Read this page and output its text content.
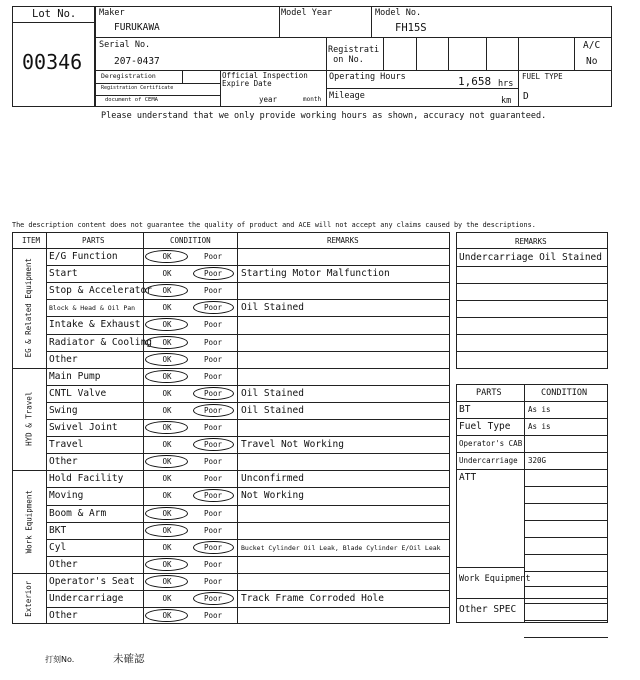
Lot No.
00346
Maker
FURUKAWA
Model Year	Model No.
FH15S
Serial No.
207-0437
Registrati
on No.
A/C
No
Deregistration
Registration Certificate
document of CEMA
Official Inspection
Expire Date
year	month
Operating Hours	1,658 hrs
Mileage	km
FUEL TYPE
D
Please understand that we only provide working hours as shown, accuracy not guaranteed.
The description content does not guarantee the quality of product and ACE will not accept any claims caused by the descriptions.
ITEM	PARTS	CONDITION	REMARKS
EG & Related Equipment
E/G Function	OK	Poor
Start	OK	Poor	Starting Motor Malfunction
Stop & Accelerator	OK	Poor
Block & Head & Oil Pan	OK	Poor	Oil Stained
Intake & Exhaust	OK	Poor
Radiator & Cooling	OK	Poor
Other	OK	Poor
HYD & Travel
Main Pump	OK	Poor
CNTL Valve	OK	Poor	Oil Stained
Swing	OK	Poor	Oil Stained
Swivel Joint	OK	Poor
Travel	OK	Poor	Travel Not Working
Other	OK	Poor
Work Equipment
Hold Facility	OK	Poor	Unconfirmed
Moving	OK	Poor	Not Working
Boom & Arm	OK	Poor
BKT	OK	Poor
Cyl	OK	Poor	Bucket Cylinder Oil Leak, Blade Cylinder E/Oil Leak
Other	OK	Poor
Exterior Operator's Seat	OK	Poor
Undercarriage	OK	Poor	Track Frame Corroded Hole
Other	OK	Poor
REMARKS
Undercarriage Oil Stained
PARTS	CONDITION
BT	As is
Fuel Type As is
Operator's CAB
Undercarriage 320G
ATT
Work Equipment
Other SPEC
打刻No.	未確認
